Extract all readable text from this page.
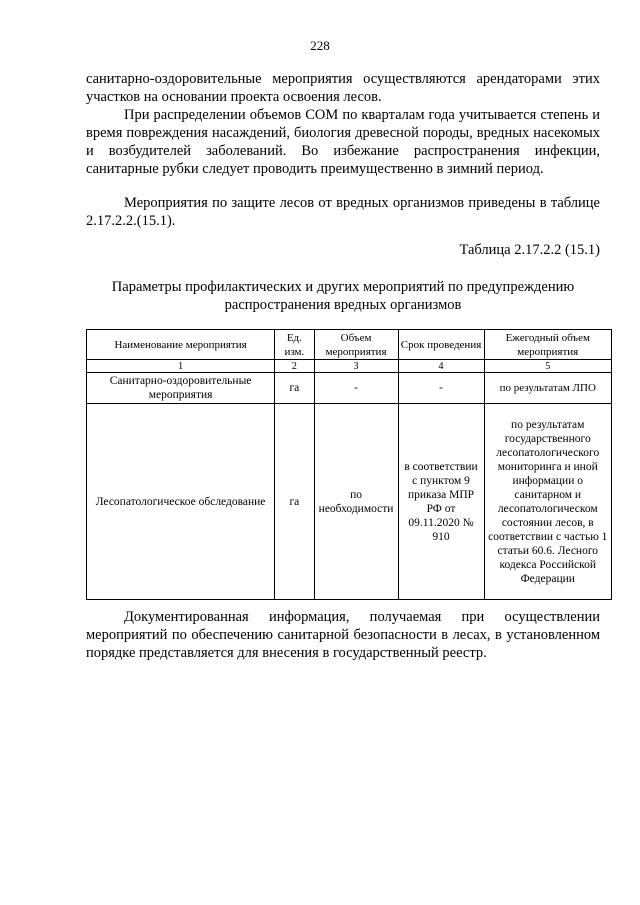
228

санитарно-оздоровительные мероприятия осуществляются арендаторами этих участков на основании проекта освоения лесов.

При распределении объемов СОМ по кварталам года учитывается степень и время повреждения насаждений, биология древесной породы, вредных насекомых и возбудителей заболеваний. Во избежание распространения инфекции, санитарные рубки следует проводить преимущественно в зимний период.

Мероприятия по защите лесов от вредных организмов приведены в таблице 2.17.2.2.(15.1).

Таблица 2.17.2.2 (15.1)
Параметры профилактических и других мероприятий по предупреждению распространения вредных организмов
Наименование мероприятия	Ед. изм.	Объем мероприятия	Срок проведения	Ежегодный объем мероприятия
1	2	3	4	5
Санитарно-оздоровительные мероприятия	га	-	-	по результатам ЛПО
Лесопатологическое обследование	га	по необходимости	в соответствии с пунктом 9 приказа МПР РФ от 09.11.2020 № 910	по результатам государственного лесопатологического мониторинга и иной информации о санитарном и лесопатологическом состоянии лесов, в соответствии с частью 1 статьи 60.6. Лесного кодекса Российской Федерации

Документированная информация, получаемая при осуществлении мероприятий по обеспечению санитарной безопасности в лесах, в установленном порядке представляется для внесения в государственный реестр.
